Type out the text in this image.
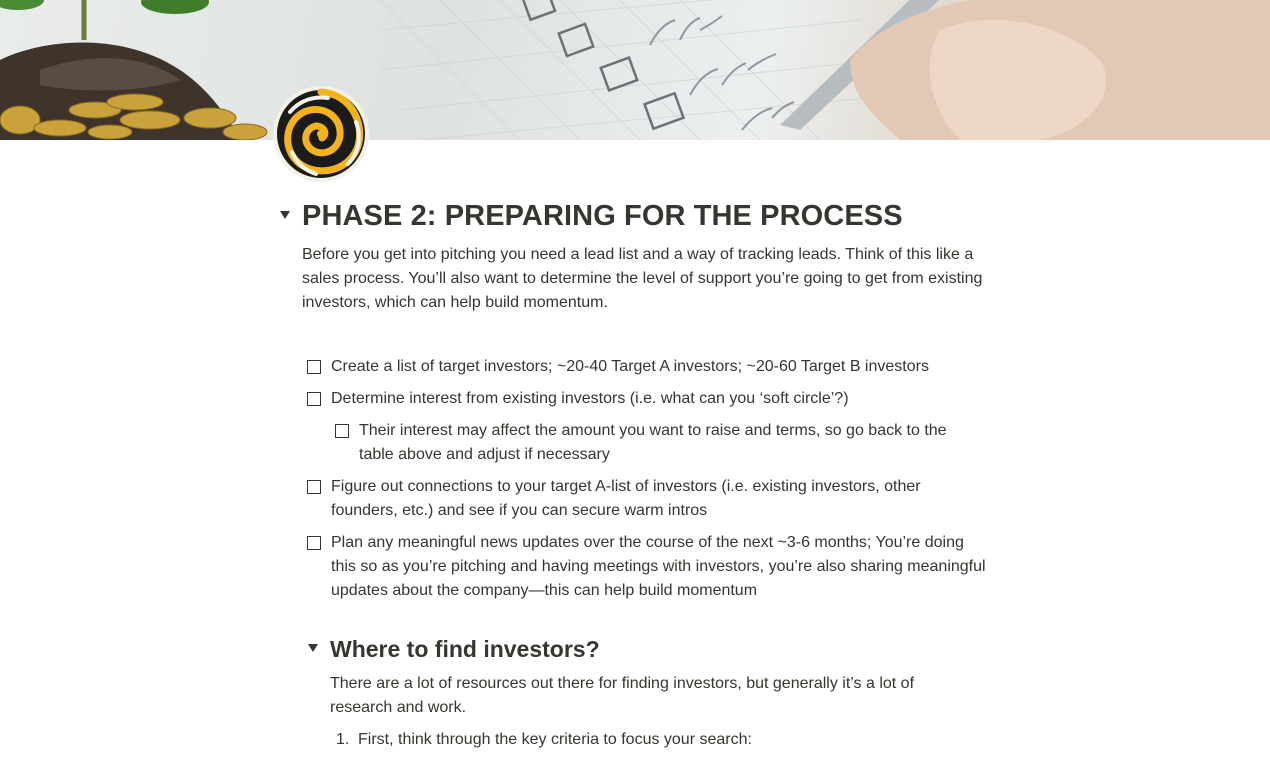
PHASE 2: PREPARING FOR THE PROCESS

Before you get into pitching you need a lead list and a way of tracking leads. Think of this like a sales process. You’ll also want to determine the level of support you’re going to get from existing investors, which can help build momentum.

Create a list of target investors; ~20-40 Target A investors; ~20-60 Target B investors
Determine interest from existing investors (i.e. what can you ‘soft circle’?)
Their interest may affect the amount you want to raise and terms, so go back to the table above and adjust if necessary
Figure out connections to your target A-list of investors (i.e. existing investors, other founders, etc.) and see if you can secure warm intros
Plan any meaningful news updates over the course of the next ~3-6 months; You’re doing this so as you’re pitching and having meetings with investors, you’re also sharing meaningful updates about the company—this can help build momentum
Where to find investors?

There are a lot of resources out there for finding investors, but generally it’s a lot of research and work.

1. First, think through the key criteria to focus your search:
